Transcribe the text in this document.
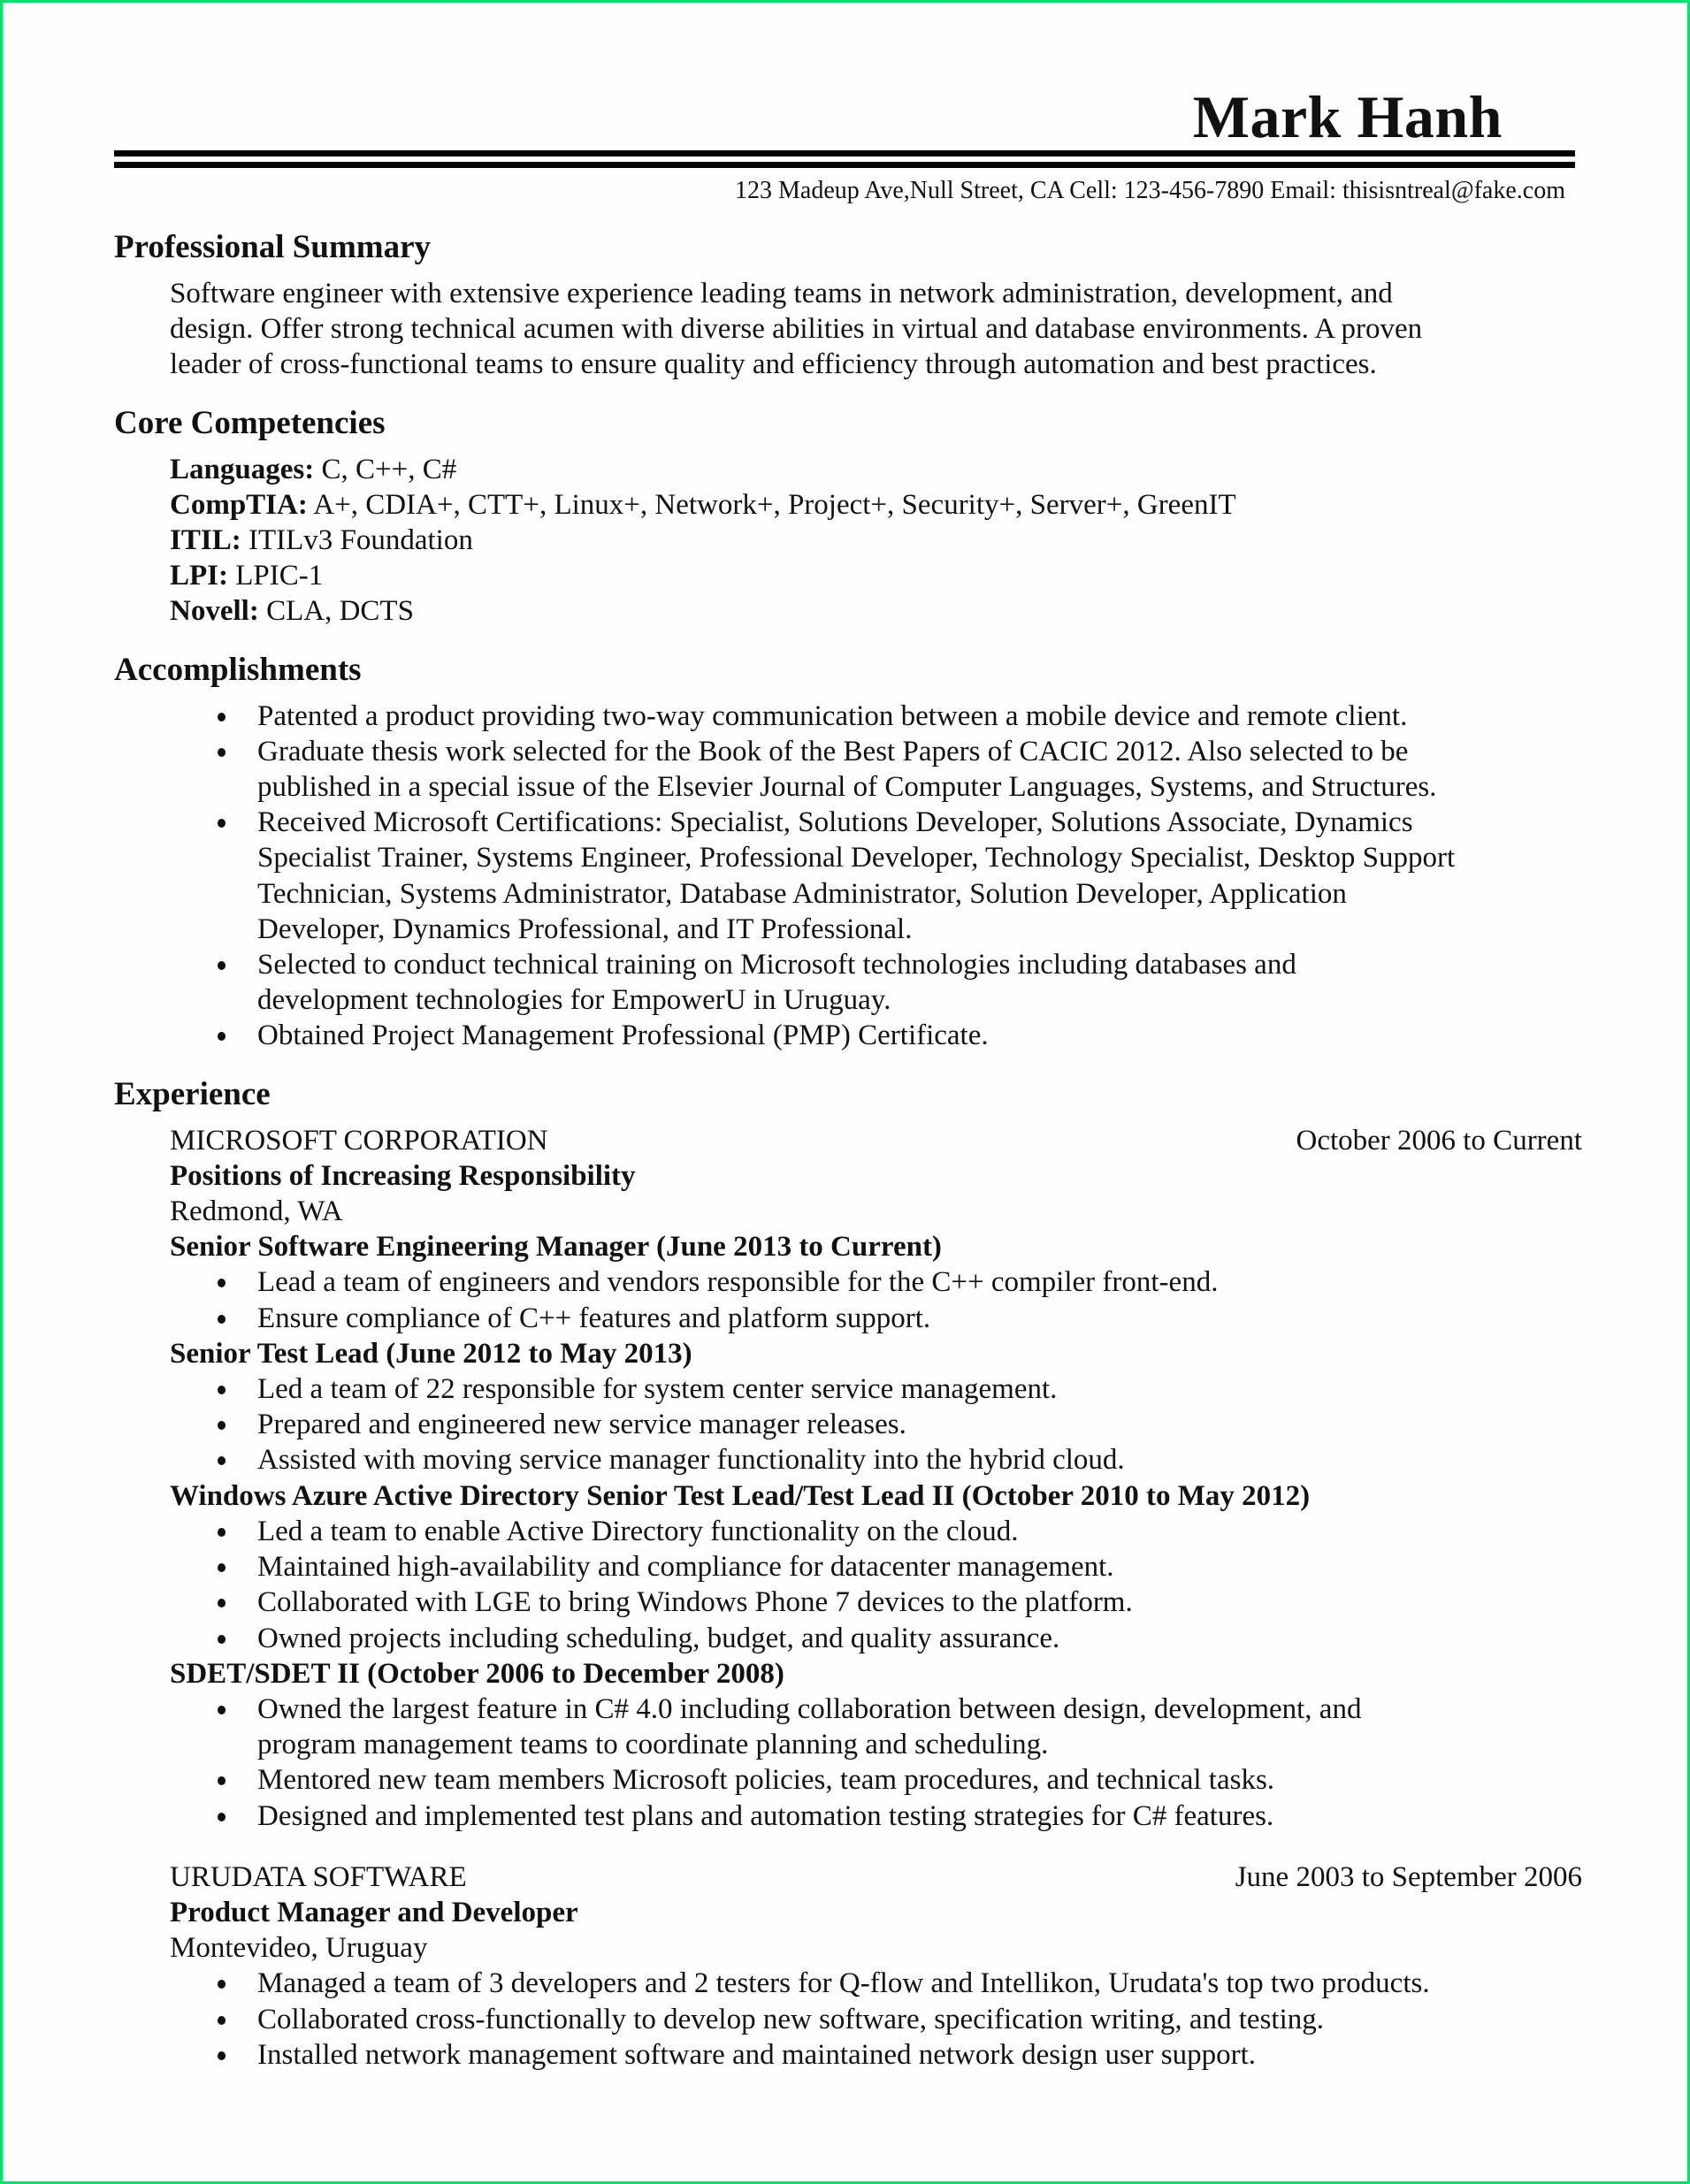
Mark Hanh
123 Madeup Ave,Null Street, CA Cell: 123-456-7890 Email: thisisntreal@fake.com
Professional Summary
Software engineer with extensive experience leading teams in network administration, development, and
design. Offer strong technical acumen with diverse abilities in virtual and database environments. A proven
leader of cross-functional teams to ensure quality and efficiency through automation and best practices.
Core Competencies
Languages: C, C++, C#
CompTIA: A+, CDIA+, CTT+, Linux+, Network+, Project+, Security+, Server+, GreenIT
ITIL: ITILv3 Foundation
LPI: LPIC-1
Novell: CLA, DCTS
Accomplishments
Patented a product providing two-way communication between a mobile device and remote client.
Graduate thesis work selected for the Book of the Best Papers of CACIC 2012. Also selected to be
published in a special issue of the Elsevier Journal of Computer Languages, Systems, and Structures.
Received Microsoft Certifications: Specialist, Solutions Developer, Solutions Associate, Dynamics
Specialist Trainer, Systems Engineer, Professional Developer, Technology Specialist, Desktop Support
Technician, Systems Administrator, Database Administrator, Solution Developer, Application
Developer, Dynamics Professional, and IT Professional.
Selected to conduct technical training on Microsoft technologies including databases and
development technologies for EmpowerU in Uruguay.
Obtained Project Management Professional (PMP) Certificate.
Experience
MICROSOFT CORPORATION	October 2006 to Current
Positions of Increasing Responsibility
Redmond, WA
Senior Software Engineering Manager (June 2013 to Current)
Lead a team of engineers and vendors responsible for the C++ compiler front-end.
Ensure compliance of C++ features and platform support.
Senior Test Lead (June 2012 to May 2013)
Led a team of 22 responsible for system center service management.
Prepared and engineered new service manager releases.
Assisted with moving service manager functionality into the hybrid cloud.
Windows Azure Active Directory Senior Test Lead/Test Lead II (October 2010 to May 2012)
Led a team to enable Active Directory functionality on the cloud.
Maintained high-availability and compliance for datacenter management.
Collaborated with LGE to bring Windows Phone 7 devices to the platform.
Owned projects including scheduling, budget, and quality assurance.
SDET/SDET II (October 2006 to December 2008)
Owned the largest feature in C# 4.0 including collaboration between design, development, and
program management teams to coordinate planning and scheduling.
Mentored new team members Microsoft policies, team procedures, and technical tasks.
Designed and implemented test plans and automation testing strategies for C# features.
URUDATA SOFTWARE	June 2003 to September 2006
Product Manager and Developer
Montevideo, Uruguay
Managed a team of 3 developers and 2 testers for Q-flow and Intellikon, Urudata's top two products.
Collaborated cross-functionally to develop new software, specification writing, and testing.
Installed network management software and maintained network design user support.
